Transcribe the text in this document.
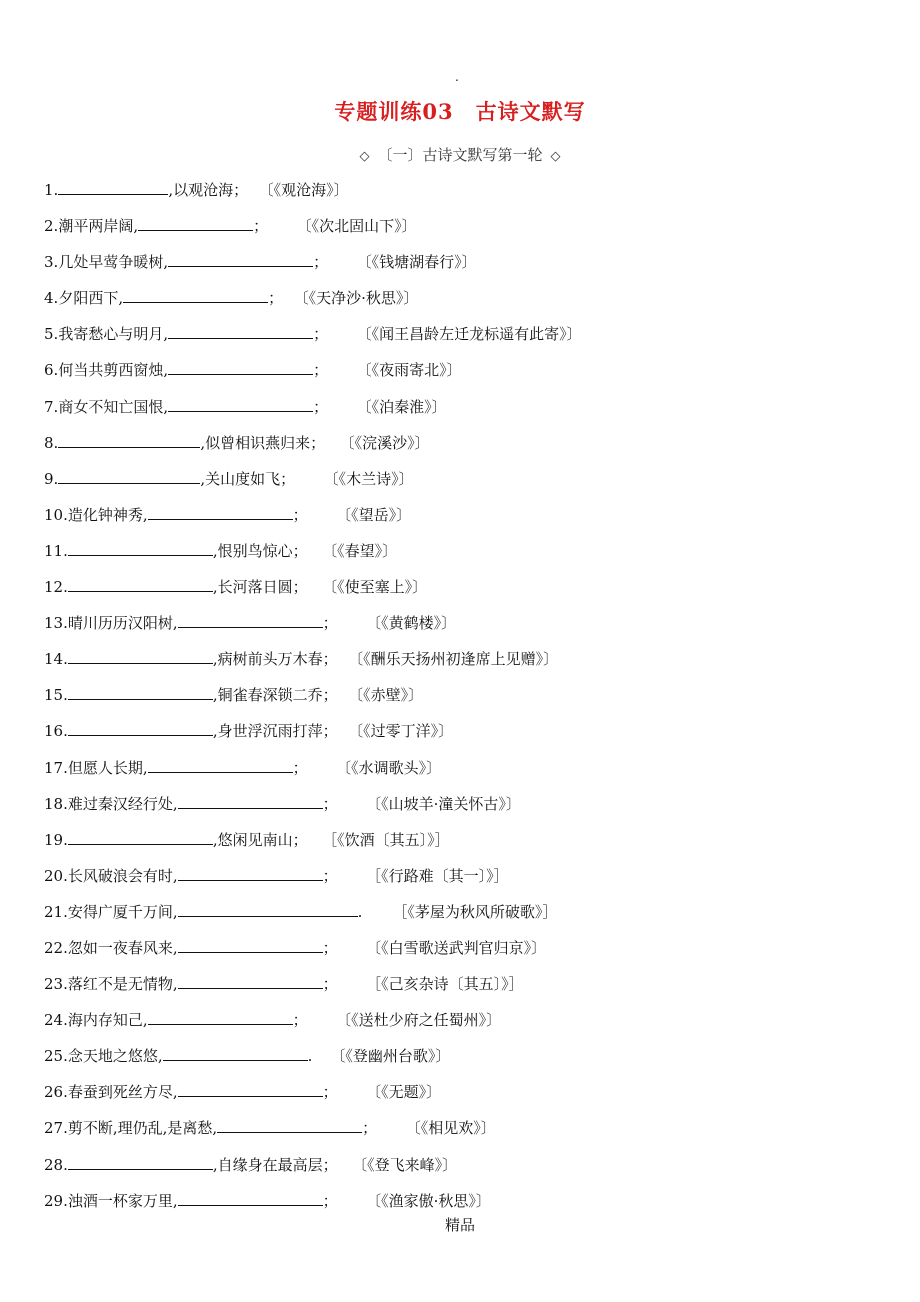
.
专题训练03　古诗文默写
◇ 〔一〕古诗文默写第一轮 ◇
1.	,以观沧海； 〔《观沧海》〕
2.潮平两岸阔,	； 〔《次北固山下》〕
3.几处早莺争暖树,	； 〔《钱塘湖春行》〕
4.夕阳西下,	； 〔《天净沙·秋思》〕
5.我寄愁心与明月,	； 〔《闻王昌龄左迁龙标遥有此寄》〕
6.何当共剪西窗烛,	； 〔《夜雨寄北》〕
7.商女不知亡国恨,	； 〔《泊秦淮》〕
8.	,似曾相识燕归来； 〔《浣溪沙》〕
9.	,关山度如飞； 〔《木兰诗》〕
10.造化钟神秀,	； 〔《望岳》〕
11.	,恨别鸟惊心； 〔《春望》〕
12.	,长河落日圆； 〔《使至塞上》〕
13.晴川历历汉阳树,	； 〔《黄鹤楼》〕
14.	,病树前头万木春； 〔《酬乐天扬州初逢席上见赠》〕
15.	,铜雀春深锁二乔； 〔《赤壁》〕
16.	,身世浮沉雨打萍； 〔《过零丁洋》〕
17.但愿人长期,	； 〔《水调歌头》〕
18.难过秦汉经行处,	； 〔《山坡羊·潼关怀古》〕
19.	,悠闲见南山； ［《饮酒〔其五〕》］
20.长风破浪会有时,	； ［《行路难〔其一〕》］
21.安得广厦千万间,	. ［《茅屋为秋风所破歌》］
22.忽如一夜春风来,	； 〔《白雪歌送武判官归京》〕
23.落红不是无情物,	； ［《己亥杂诗〔其五〕》］
24.海内存知己,	； 〔《送杜少府之任蜀州》〕
25.念天地之悠悠,	. 〔《登幽州台歌》〕
26.春蚕到死丝方尽,	； 〔《无题》〕
27.剪不断,理仍乱,是离愁,	； 〔《相见欢》〕
28.	,自缘身在最高层； 〔《登飞来峰》〕
29.浊酒一杯家万里,	； 〔《渔家傲·秋思》〕
精品
